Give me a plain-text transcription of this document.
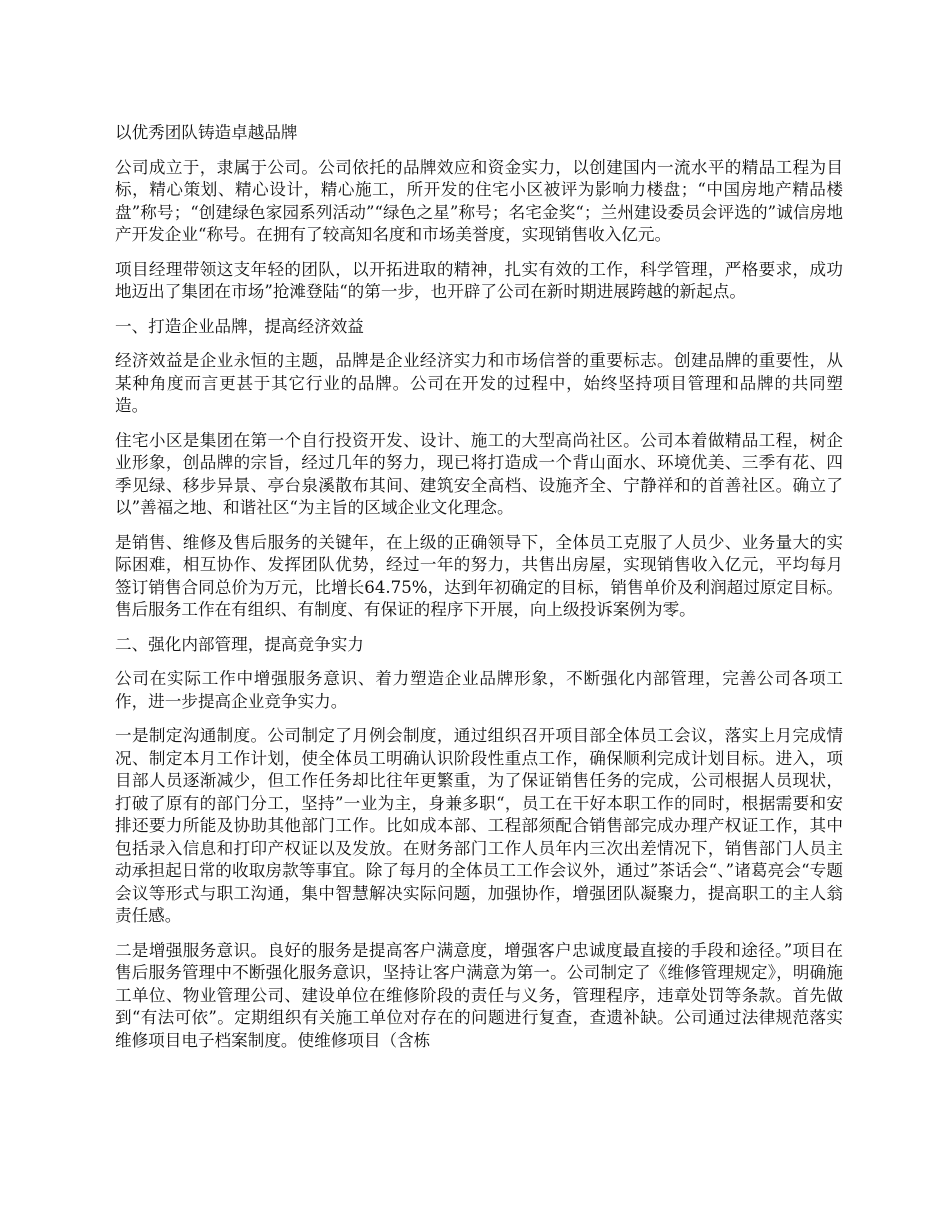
以优秀团队铸造卓越品牌

公司成立于，隶属于公司。公司依托的品牌效应和资金实力，以创建国内一流水平的精品工程为目标，精心策划、精心设计，精心施工，所开发的住宅小区被评为影响力楼盘；“中国房地产精品楼盘”称号；“创建绿色家园系列活动”“绿色之星”称号；名宅金奖“；兰州建设委员会评选的”诚信房地产开发企业“称号。在拥有了较高知名度和市场美誉度，实现销售收入亿元。

项目经理带领这支年轻的团队，以开拓进取的精神，扎实有效的工作，科学管理，严格要求，成功地迈出了集团在市场”抢滩登陆“的第一步，也开辟了公司在新时期进展跨越的新起点。

一、打造企业品牌，提高经济效益

经济效益是企业永恒的主题，品牌是企业经济实力和市场信誉的重要标志。创建品牌的重要性，从某种角度而言更甚于其它行业的品牌。公司在开发的过程中，始终坚持项目管理和品牌的共同塑造。

住宅小区是集团在第一个自行投资开发、设计、施工的大型高尚社区。公司本着做精品工程，树企业形象，创品牌的宗旨，经过几年的努力，现已将打造成一个背山面水、环境优美、三季有花、四季见绿、移步异景、亭台泉溪散布其间、建筑安全高档、设施齐全、宁静祥和的首善社区。确立了以”善福之地、和谐社区“为主旨的区域企业文化理念。

是销售、维修及售后服务的关键年，在上级的正确领导下，全体员工克服了人员少、业务量大的实际困难，相互协作、发挥团队优势，经过一年的努力，共售出房屋，实现销售收入亿元，平均每月签订销售合同总价为万元，比增长64.75%，达到年初确定的目标，销售单价及利润超过原定目标。售后服务工作在有组织、有制度、有保证的程序下开展，向上级投诉案例为零。

二、强化内部管理，提高竞争实力

公司在实际工作中增强服务意识、着力塑造企业品牌形象，不断强化内部管理，完善公司各项工作，进一步提高企业竞争实力。

一是制定沟通制度。公司制定了月例会制度，通过组织召开项目部全体员工会议，落实上月完成情况、制定本月工作计划，使全体员工明确认识阶段性重点工作，确保顺利完成计划目标。进入，项目部人员逐渐减少，但工作任务却比往年更繁重，为了保证销售任务的完成，公司根据人员现状，打破了原有的部门分工，坚持”一业为主，身兼多职“，员工在干好本职工作的同时，根据需要和安排还要力所能及协助其他部门工作。比如成本部、工程部须配合销售部完成办理产权证工作，其中包括录入信息和打印产权证以及发放。在财务部门工作人员年内三次出差情况下，销售部门人员主动承担起日常的收取房款等事宜。除了每月的全体员工工作会议外，通过”茶话会“、”诸葛亮会“专题会议等形式与职工沟通，集中智慧解决实际问题，加强协作，增强团队凝聚力，提高职工的主人翁责任感。

二是增强服务意识。良好的服务是提高客户满意度，增强客户忠诚度最直接的手段和途径。”项目在售后服务管理中不断强化服务意识，坚持让客户满意为第一。公司制定了《维修管理规定》，明确施工单位、物业管理公司、建设单位在维修阶段的责任与义务，管理程序，违章处罚等条款。首先做到“有法可依”。定期组织有关施工单位对存在的问题进行复查，查遗补缺。公司通过法律规范落实维修项目电子档案制度。使维修项目（含栋
